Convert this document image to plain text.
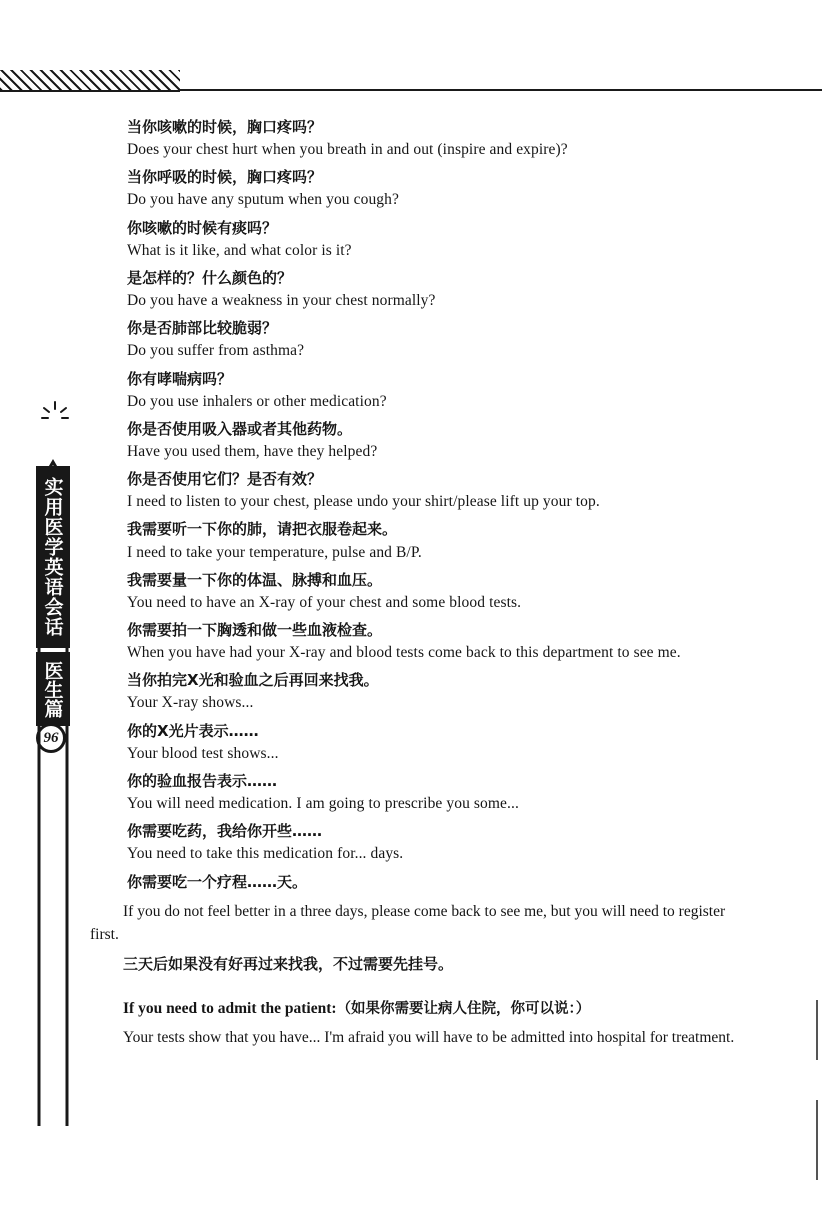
实用医学英语会话
医生篇
96
当你咳嗽的时候，胸口疼吗？
Does your chest hurt when you breath in and out (inspire and expire)?
当你呼吸的时候，胸口疼吗？
Do you have any sputum when you cough?
你咳嗽的时候有痰吗？
What is it like, and what color is it?
是怎样的？什么颜色的？
Do you have a weakness in your chest normally?
你是否肺部比较脆弱？
Do you suffer from asthma?
你有哮喘病吗？
Do you use inhalers or other medication?
你是否使用吸入器或者其他药物。
Have you used them, have they helped?
你是否使用它们？是否有效？
I need to listen to your chest, please undo your shirt/please lift up your top.
我需要听一下你的肺，请把衣服卷起来。
I need to take your temperature, pulse and B/P.
我需要量一下你的体温、脉搏和血压。
You need to have an X-ray of your chest and some blood tests.
你需要拍一下胸透和做一些血液检查。
When you have had your X-ray and blood tests come back to this department to see me.
当你拍完X光和验血之后再回来找我。
Your X-ray shows...
你的X光片表示……
Your blood test shows...
你的验血报告表示……
You will need medication. I am going to prescribe you some...
你需要吃药，我给你开些……
You need to take this medication for... days.
你需要吃一个疗程……天。
If you do not feel better in a three days, please come back to see me, but you will need to register first.
三天后如果没有好再过来找我，不过需要先挂号。
If you need to admit the patient:（如果你需要让病人住院，你可以说：）
Your tests show that you have... I'm afraid you will have to be admitted into hospital for treatment.
